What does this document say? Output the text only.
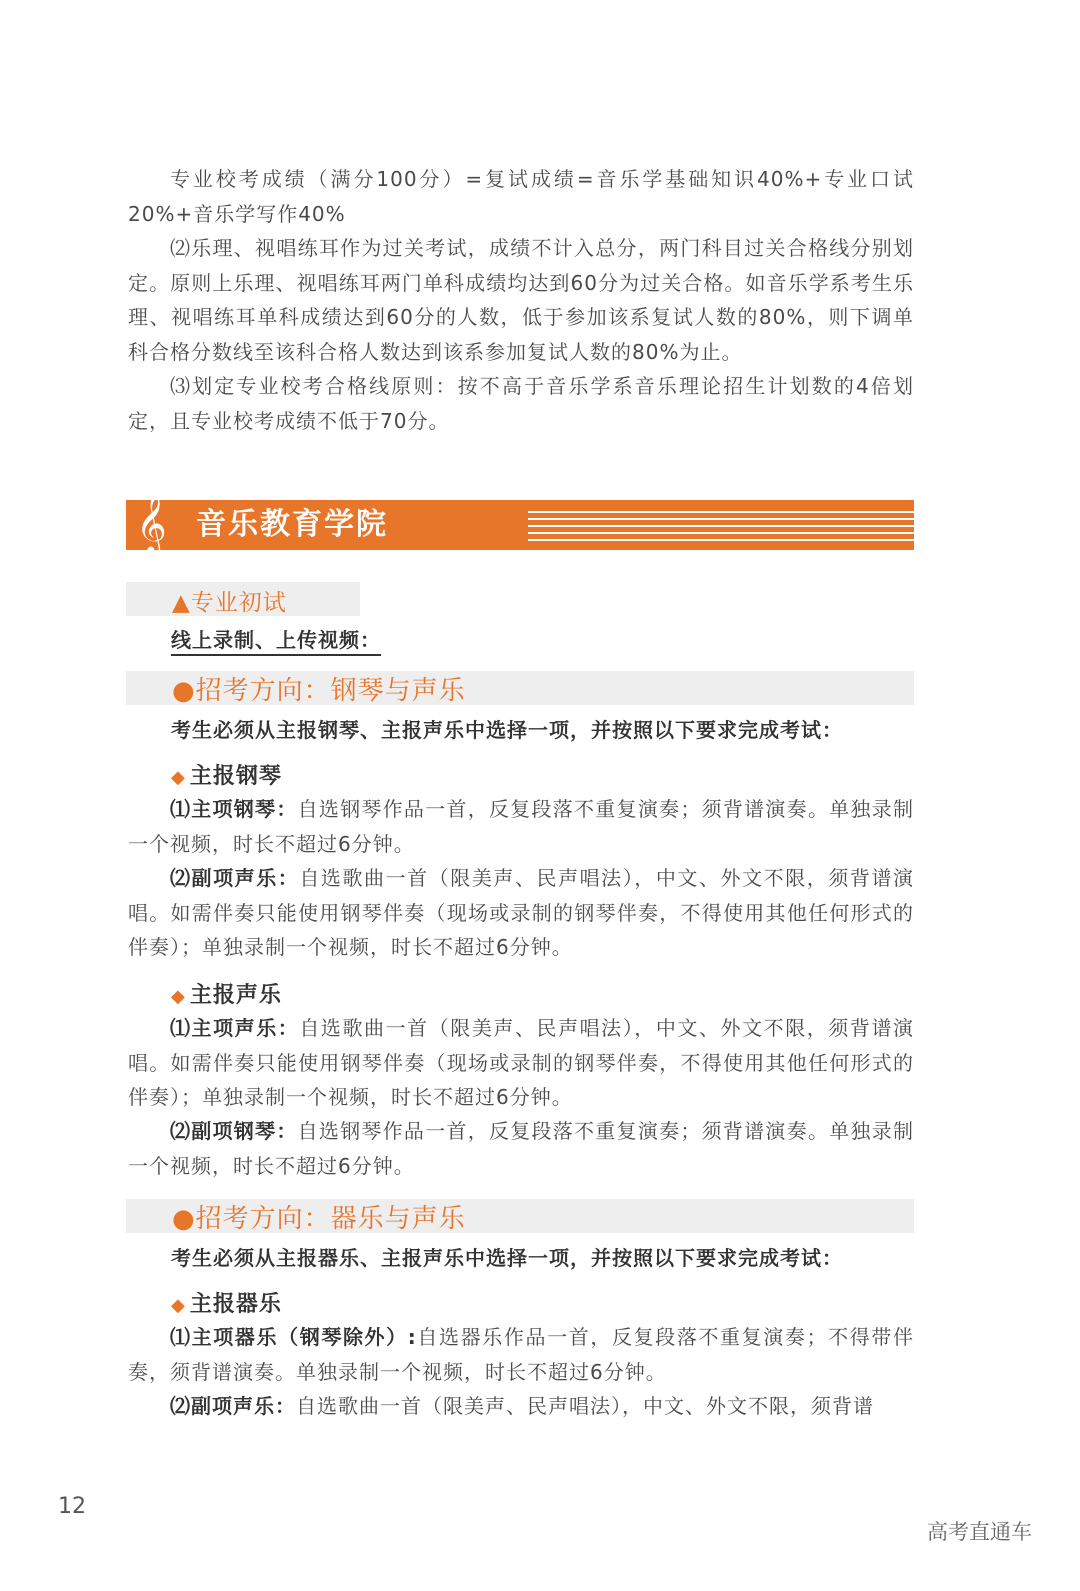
专业校考成绩（满分100分）=复试成绩=音乐学基础知识40%+专业口试20%+音乐学写作40%

⑵乐理、视唱练耳作为过关考试，成绩不计入总分，两门科目过关合格线分别划定。原则上乐理、视唱练耳两门单科成绩均达到60分为过关合格。如音乐学系考生乐理、视唱练耳单科成绩达到60分的人数，低于参加该系复试人数的80%，则下调单科合格分数线至该科合格人数达到该系参加复试人数的80%为止。

⑶划定专业校考合格线原则：按不高于音乐学系音乐理论招生计划数的4倍划定，且专业校考成绩不低于70分。

𝄞 音乐教育学院
▲专业初试
线上录制、上传视频：
●招考方向：钢琴与声乐
考生必须从主报钢琴、主报声乐中选择一项，并按照以下要求完成考试：
◆ 主报钢琴

⑴主项钢琴：自选钢琴作品一首，反复段落不重复演奏；须背谱演奏。单独录制一个视频，时长不超过6分钟。

⑵副项声乐：自选歌曲一首（限美声、民声唱法），中文、外文不限，须背谱演唱。如需伴奏只能使用钢琴伴奏（现场或录制的钢琴伴奏，不得使用其他任何形式的伴奏）；单独录制一个视频，时长不超过6分钟。

◆ 主报声乐

⑴主项声乐：自选歌曲一首（限美声、民声唱法），中文、外文不限，须背谱演唱。如需伴奏只能使用钢琴伴奏（现场或录制的钢琴伴奏，不得使用其他任何形式的伴奏）；单独录制一个视频，时长不超过6分钟。

⑵副项钢琴：自选钢琴作品一首，反复段落不重复演奏；须背谱演奏。单独录制一个视频，时长不超过6分钟。

●招考方向：器乐与声乐
考生必须从主报器乐、主报声乐中选择一项，并按照以下要求完成考试：
◆ 主报器乐

⑴主项器乐（钢琴除外）:自选器乐作品一首，反复段落不重复演奏；不得带伴奏，须背谱演奏。单独录制一个视频，时长不超过6分钟。

⑵副项声乐：自选歌曲一首（限美声、民声唱法），中文、外文不限，须背谱

12
高考直通车
